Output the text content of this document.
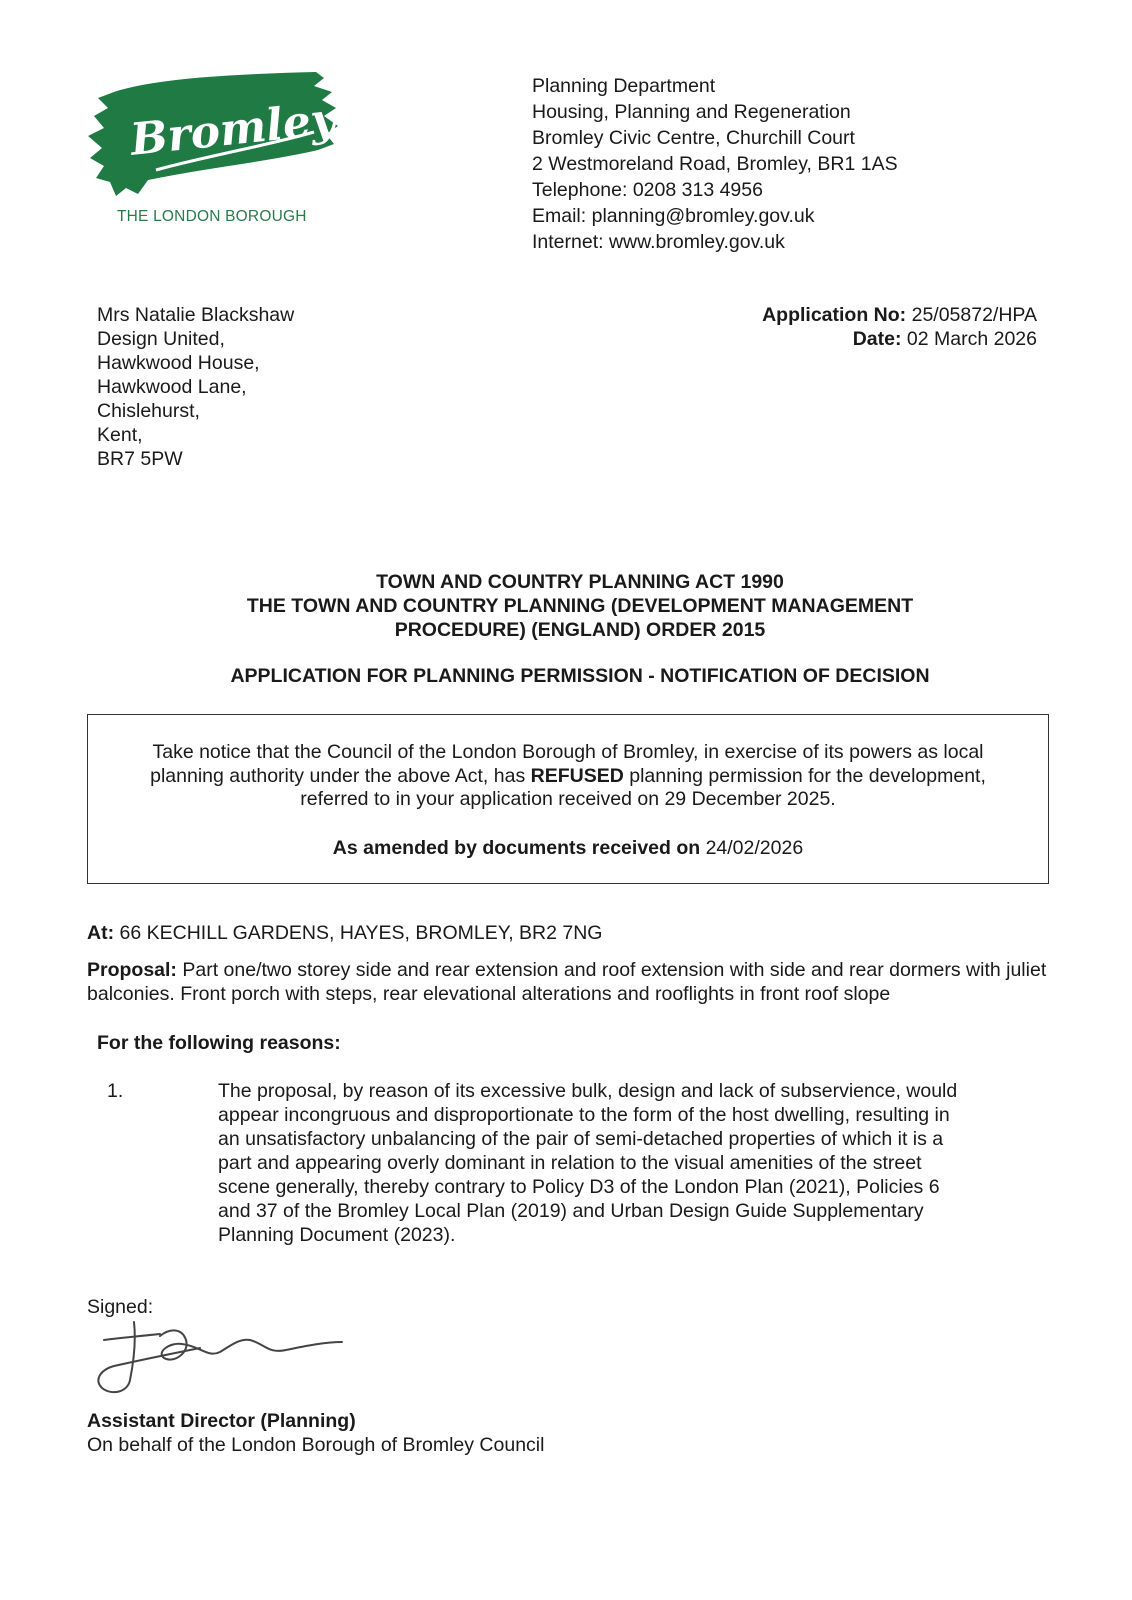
Bromley
THE LONDON BOROUGH
Planning Department
Housing, Planning and Regeneration
Bromley Civic Centre, Churchill Court
2 Westmoreland Road, Bromley, BR1 1AS
Telephone: 0208 313 4956
Email: planning@bromley.gov.uk
Internet: www.bromley.gov.uk
Mrs Natalie Blackshaw
Design United,
Hawkwood House,
Hawkwood Lane,
Chislehurst,
Kent,
BR7 5PW
Application No: 25/05872/HPA
Date: 02 March 2026
TOWN AND COUNTRY PLANNING ACT 1990
THE TOWN AND COUNTRY PLANNING (DEVELOPMENT MANAGEMENT
PROCEDURE) (ENGLAND) ORDER 2015
APPLICATION FOR PLANNING PERMISSION - NOTIFICATION OF DECISION
Take notice that the Council of the London Borough of Bromley, in exercise of its powers as local
planning authority under the above Act, has REFUSED planning permission for the development,
referred to in your application received on 29 December 2025.
As amended by documents received on 24/02/2026
At: 66 KECHILL GARDENS, HAYES, BROMLEY, BR2 7NG
Proposal: Part one/two storey side and rear extension and roof extension with side and rear dormers with juliet balconies. Front porch with steps, rear elevational alterations and rooflights in front roof slope
For the following reasons:
1.	The proposal, by reason of its excessive bulk, design and lack of subservience, would
appear incongruous and disproportionate to the form of the host dwelling, resulting in
an unsatisfactory unbalancing of the pair of semi-detached properties of which it is a
part and appearing overly dominant in relation to the visual amenities of the street
scene generally, thereby contrary to Policy D3 of the London Plan (2021), Policies 6
and 37 of the Bromley Local Plan (2019) and Urban Design Guide Supplementary
Planning Document (2023).
Signed:
Assistant Director (Planning)
On behalf of the London Borough of Bromley Council
